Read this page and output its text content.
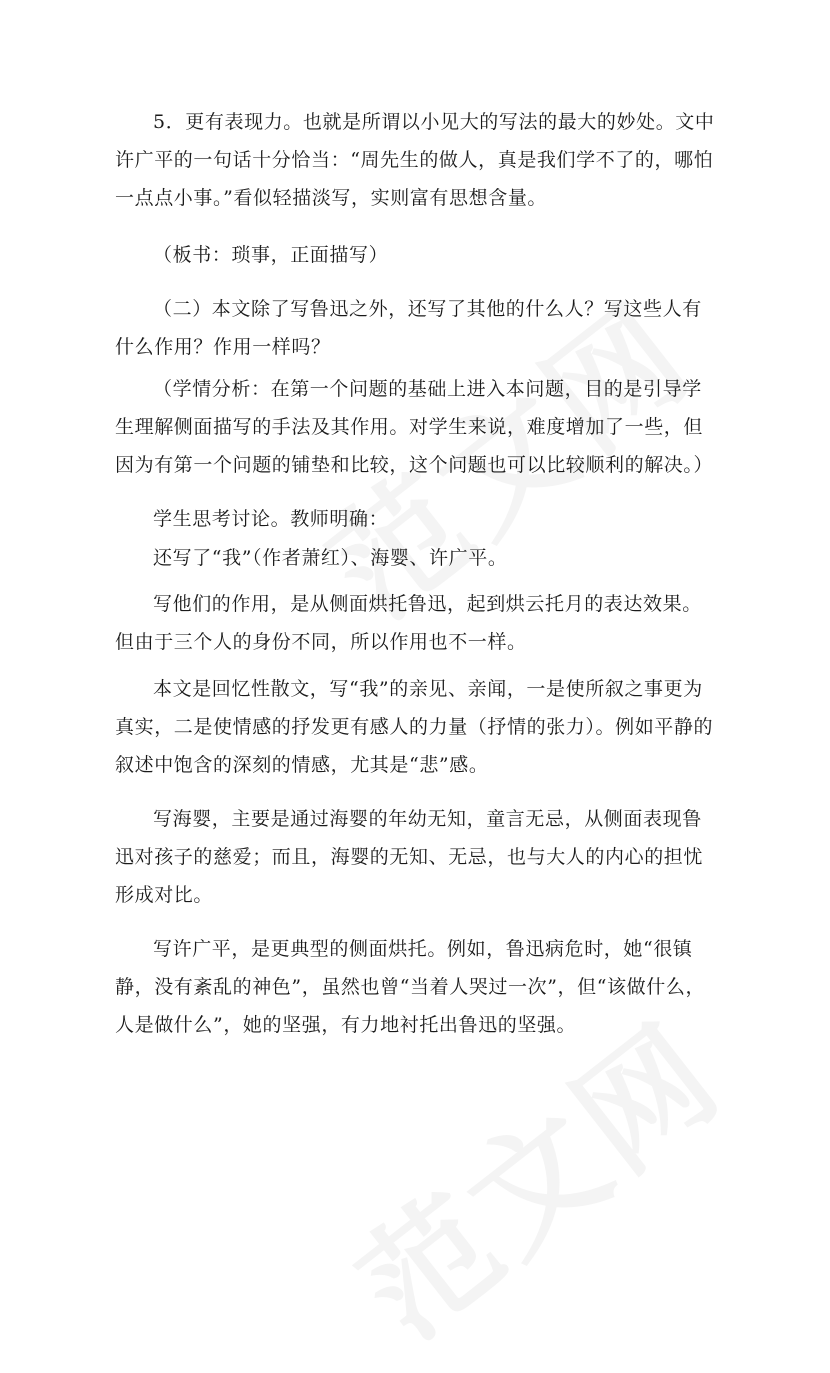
5．更有表现力。也就是所谓以小见大的写法的最大的妙处。文中许广平的一句话十分恰当：“周先生的做人，真是我们学不了的，哪怕一点点小事。”看似轻描淡写，实则富有思想含量。

（板书：琐事，正面描写）

（二）本文除了写鲁迅之外，还写了其他的什么人？写这些人有什么作用？作用一样吗？

（学情分析：在第一个问题的基础上进入本问题，目的是引导学生理解侧面描写的手法及其作用。对学生来说，难度增加了一些，但因为有第一个问题的铺垫和比较，这个问题也可以比较顺利的解决。）

学生思考讨论。教师明确：

还写了“我”（作者萧红）、海婴、许广平。

写他们的作用，是从侧面烘托鲁迅，起到烘云托月的表达效果。但由于三个人的身份不同，所以作用也不一样。

本文是回忆性散文，写“我”的亲见、亲闻，一是使所叙之事更为真实，二是使情感的抒发更有感人的力量（抒情的张力）。例如平静的叙述中饱含的深刻的情感，尤其是“悲”感。

写海婴，主要是通过海婴的年幼无知，童言无忌，从侧面表现鲁迅对孩子的慈爱；而且，海婴的无知、无忌，也与大人的内心的担忧形成对比。

写许广平，是更典型的侧面烘托。例如，鲁迅病危时，她“很镇静，没有紊乱的神色”，虽然也曾“当着人哭过一次”，但“该做什么，人是做什么”，她的坚强，有力地衬托出鲁迅的坚强。
